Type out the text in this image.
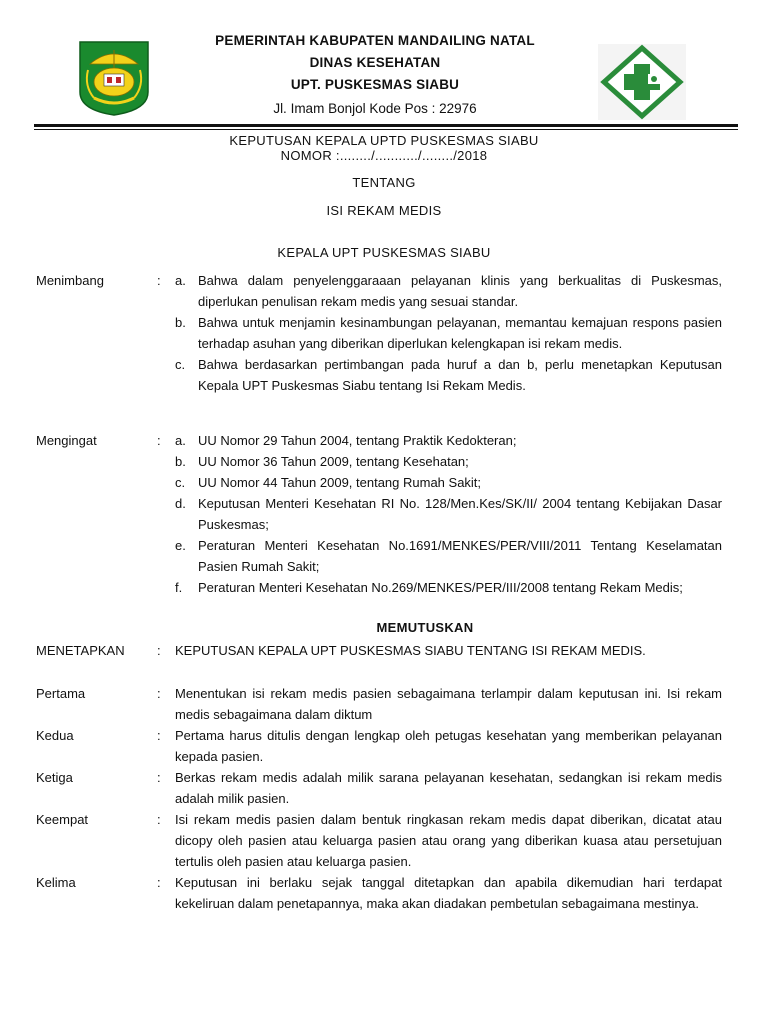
PEMERINTAH KABUPATEN MANDAILING NATAL
DINAS KESEHATAN
UPT. PUSKESMAS SIABU
Jl. Imam Bonjol Kode Pos : 22976
KEPUTUSAN KEPALA UPTD PUSKESMAS SIABU
NOMOR :......../.........../......../2018
TENTANG
ISI REKAM MEDIS
KEPALA UPT PUSKESMAS SIABU
Menimbang	:	a. Bahwa dalam penyelenggaraaan pelayanan klinis yang berkualitas di Puskesmas, diperlukan penulisan rekam medis yang sesuai standar.
b. Bahwa untuk menjamin kesinambungan pelayanan, memantau kemajuan respons pasien terhadap asuhan yang diberikan diperlukan kelengkapan isi rekam medis.
c. Bahwa berdasarkan pertimbangan pada huruf a dan b, perlu menetapkan Keputusan Kepala UPT Puskesmas Siabu tentang Isi Rekam Medis.
Mengingat	:	a. UU Nomor 29 Tahun 2004, tentang Praktik Kedokteran;
b. UU Nomor 36 Tahun 2009, tentang Kesehatan;
c. UU Nomor 44 Tahun 2009, tentang Rumah Sakit;
d. Keputusan Menteri Kesehatan RI No. 128/Men.Kes/SK/II/ 2004 tentang Kebijakan Dasar Puskesmas;
e. Peraturan Menteri Kesehatan No.1691/MENKES/PER/VIII/2011 Tentang Keselamatan Pasien Rumah Sakit;
f. Peraturan Menteri Kesehatan No.269/MENKES/PER/III/2008 tentang Rekam Medis;
MEMUTUSKAN
MENETAPKAN	:	KEPUTUSAN KEPALA UPT PUSKESMAS SIABU TENTANG ISI REKAM MEDIS.
Pertama	:	Menentukan isi rekam medis pasien sebagaimana terlampir dalam keputusan ini. Isi rekam medis sebagaimana dalam diktum
Kedua	:	Pertama harus ditulis dengan lengkap oleh petugas kesehatan yang memberikan pelayanan kepada pasien.
Ketiga	:	Berkas rekam medis adalah milik sarana pelayanan kesehatan, sedangkan isi rekam medis adalah milik pasien.
Keempat	:	Isi rekam medis pasien dalam bentuk ringkasan rekam medis dapat diberikan, dicatat atau dicopy oleh pasien atau keluarga pasien atau orang yang diberikan kuasa atau persetujuan tertulis oleh pasien atau keluarga pasien.
Kelima	:	Keputusan ini berlaku sejak tanggal ditetapkan dan apabila dikemudian hari terdapat kekeliruan dalam penetapannya, maka akan diadakan pembetulan sebagaimana mestinya.
